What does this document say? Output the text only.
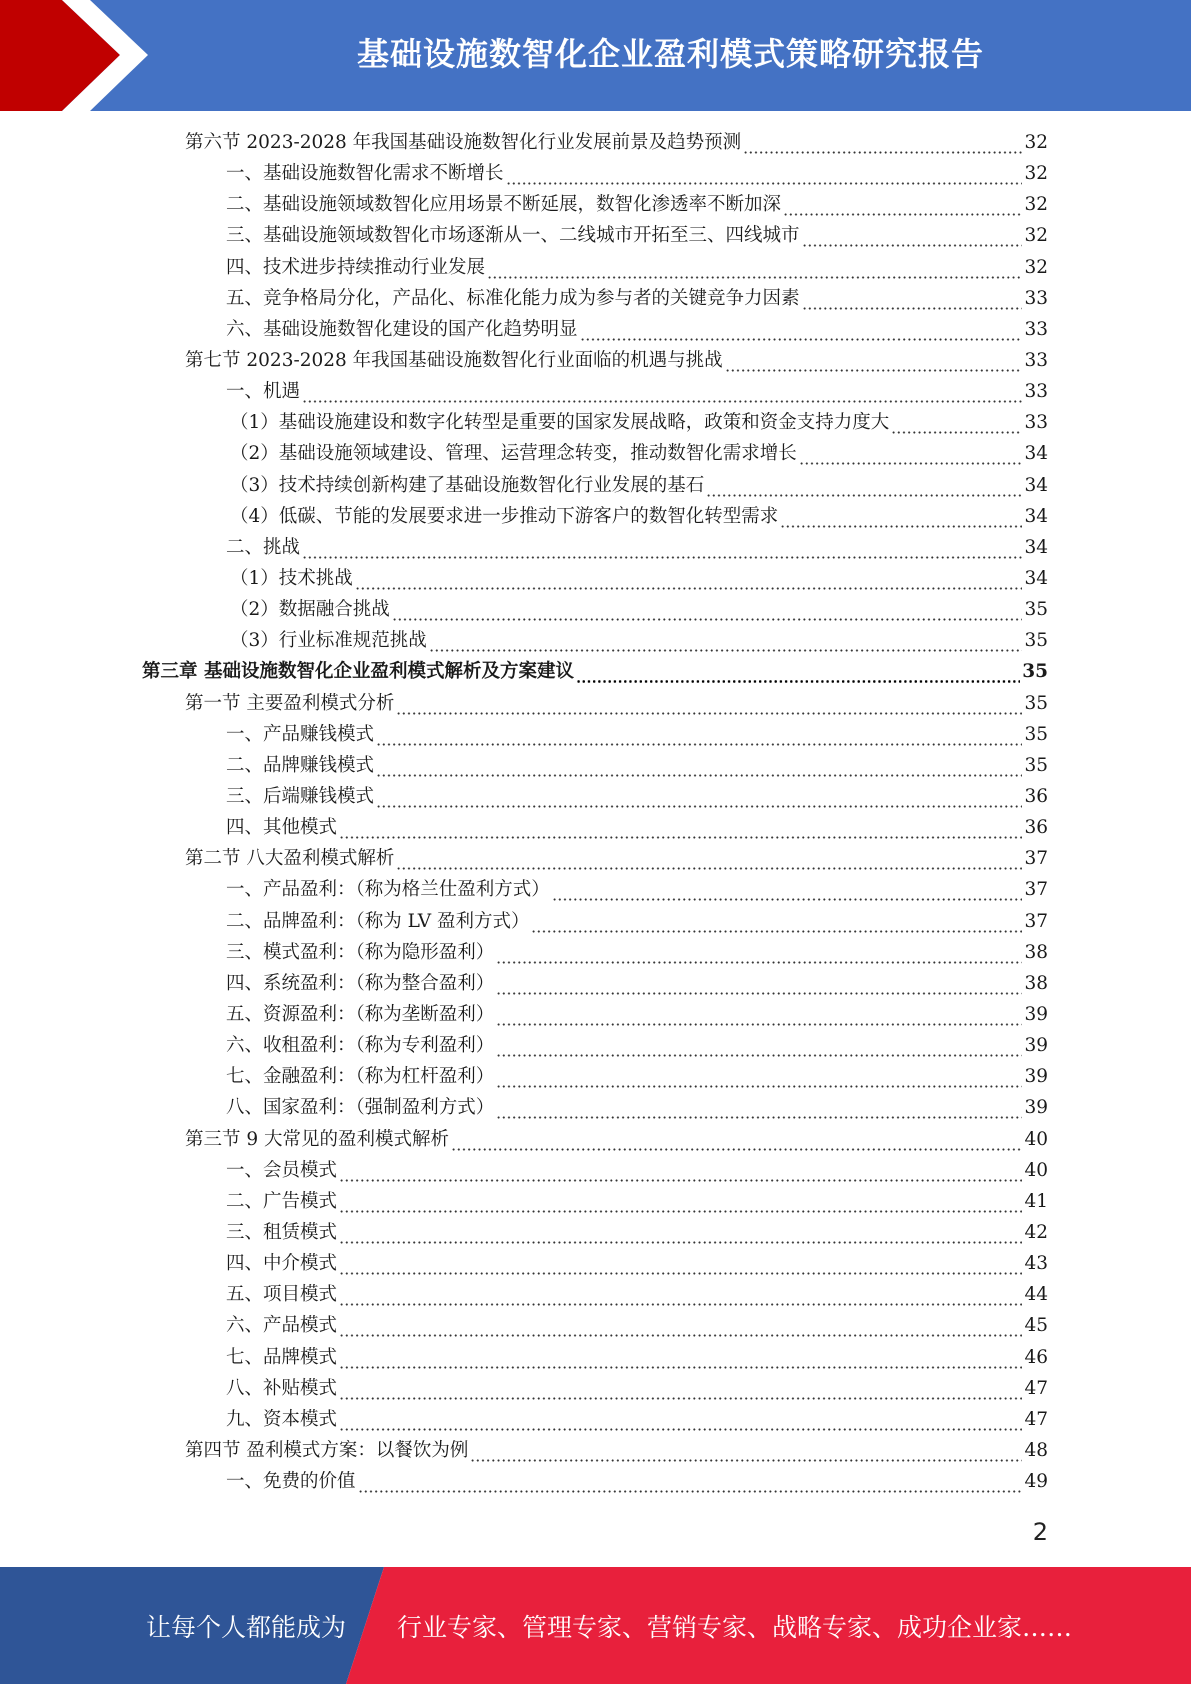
基础设施数智化企业盈利模式策略研究报告
第六节 2023-2028 年我国基础设施数智化行业发展前景及趋势预测	32
一、基础设施数智化需求不断增长	32
二、基础设施领域数智化应用场景不断延展，数智化渗透率不断加深	32
三、基础设施领域数智化市场逐渐从一、二线城市开拓至三、四线城市	32
四、技术进步持续推动行业发展	32
五、竞争格局分化，产品化、标准化能力成为参与者的关键竞争力因素	33
六、基础设施数智化建设的国产化趋势明显	33
第七节 2023-2028 年我国基础设施数智化行业面临的机遇与挑战	33
一、机遇	33
（1）基础设施建设和数字化转型是重要的国家发展战略，政策和资金支持力度大	33
（2）基础设施领域建设、管理、运营理念转变，推动数智化需求增长	34
（3）技术持续创新构建了基础设施数智化行业发展的基石	34
（4）低碳、节能的发展要求进一步推动下游客户的数智化转型需求	34
二、挑战	34
（1）技术挑战	34
（2）数据融合挑战	35
（3）行业标准规范挑战	35
第三章 基础设施数智化企业盈利模式解析及方案建议	35
第一节 主要盈利模式分析	35
一、产品赚钱模式	35
二、品牌赚钱模式	35
三、后端赚钱模式	36
四、其他模式	36
第二节 八大盈利模式解析	37
一、产品盈利：（称为格兰仕盈利方式）	37
二、品牌盈利：（称为 LV 盈利方式）	37
三、模式盈利：（称为隐形盈利）	38
四、系统盈利：（称为整合盈利）	38
五、资源盈利：（称为垄断盈利）	39
六、收租盈利：（称为专利盈利）	39
七、金融盈利：（称为杠杆盈利）	39
八、国家盈利：（强制盈利方式）	39
第三节 9 大常见的盈利模式解析	40
一、会员模式	40
二、广告模式	41
三、租赁模式	42
四、中介模式	43
五、项目模式	44
六、产品模式	45
七、品牌模式	46
八、补贴模式	47
九、资本模式	47
第四节 盈利模式方案：以餐饮为例	48
一、免费的价值	49
2
让每个人都能成为 行业专家、管理专家、营销专家、战略专家、成功企业家……
